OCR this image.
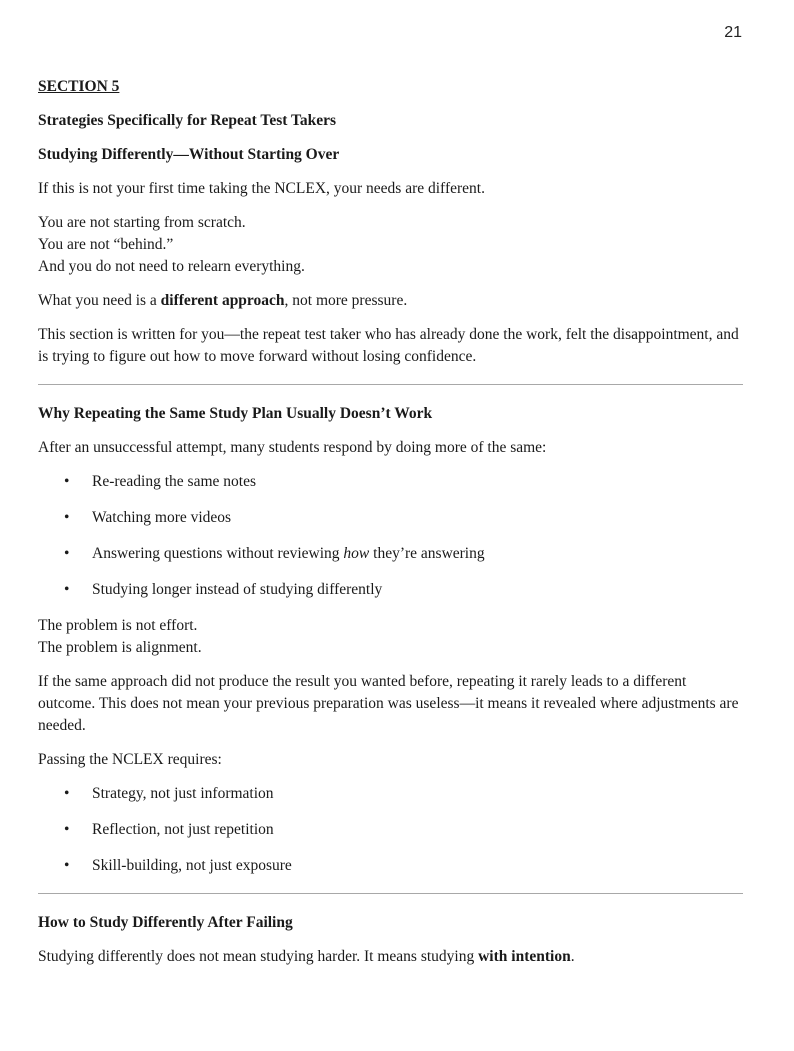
21
SECTION 5
Strategies Specifically for Repeat Test Takers
Studying Differently—Without Starting Over

If this is not your first time taking the NCLEX, your needs are different.

You are not starting from scratch.

You are not “behind.”

And you do not need to relearn everything.

What you need is a different approach, not more pressure.

This section is written for you—the repeat test taker who has already done the work, felt the disappointment, and is trying to figure out how to move forward without losing confidence.

Why Repeating the Same Study Plan Usually Doesn’t Work

After an unsuccessful attempt, many students respond by doing more of the same:

• Re-reading the same notes
• Watching more videos
• Answering questions without reviewing how they’re answering
• Studying longer instead of studying differently

The problem is not effort.

The problem is alignment.

If the same approach did not produce the result you wanted before, repeating it rarely leads to a different outcome. This does not mean your previous preparation was useless—it means it revealed where adjustments are needed.

Passing the NCLEX requires:

• Strategy, not just information
• Reflection, not just repetition
• Skill-building, not just exposure
How to Study Differently After Failing

Studying differently does not mean studying harder. It means studying with intention.
